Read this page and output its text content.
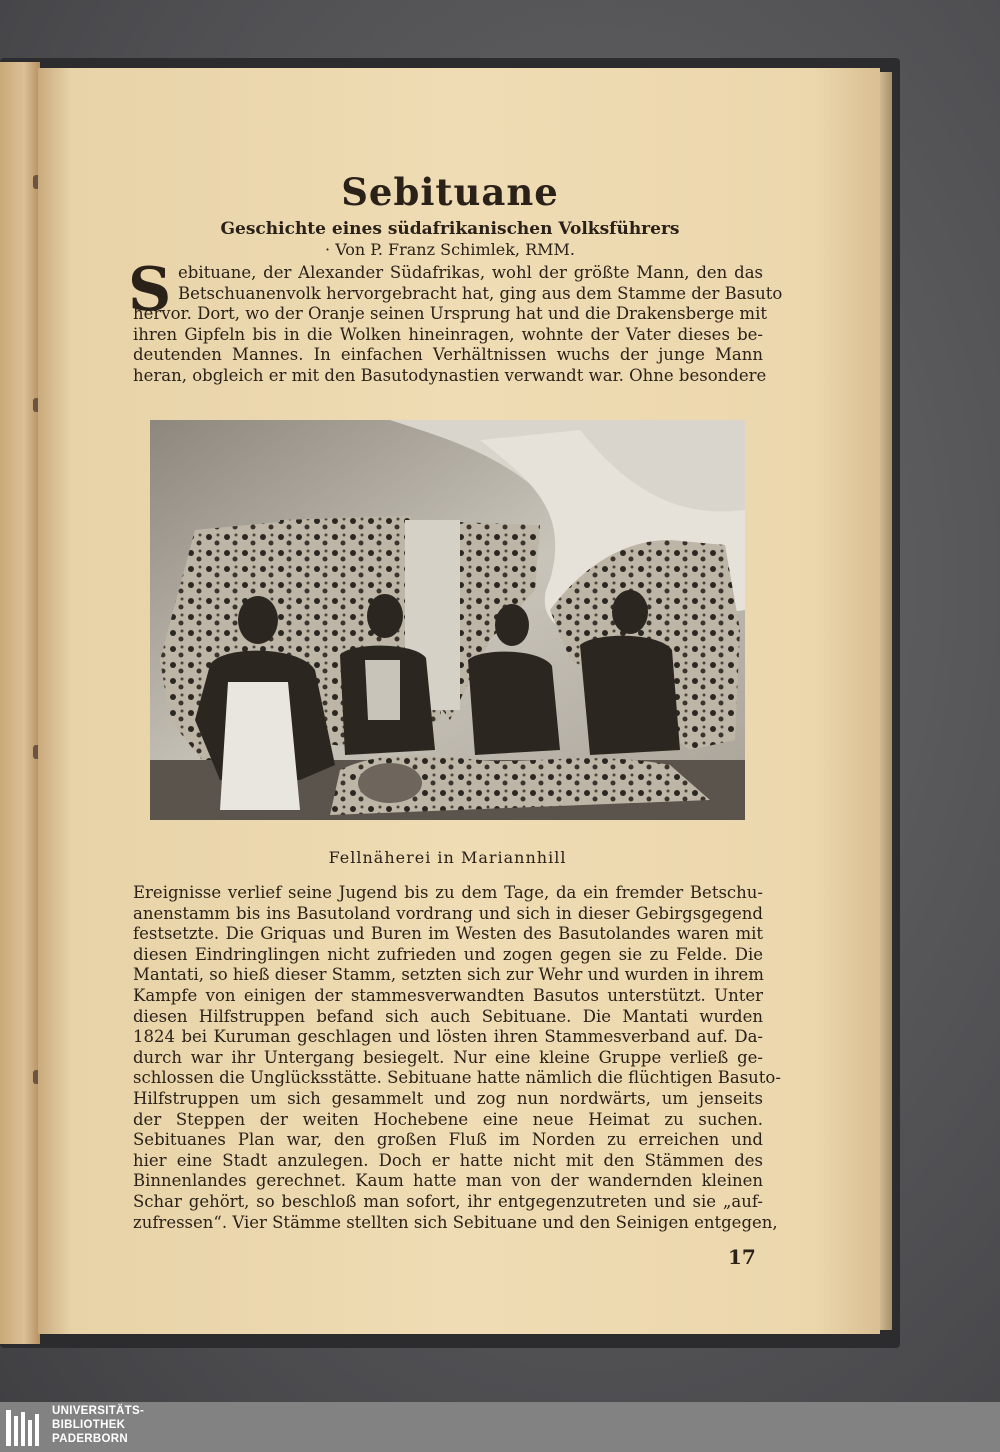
Sebituane
Geschichte eines südafrikanischen Volksführers
· Von P. Franz Schimlek, RMM.
S ebituane, der Alexander Südafrikas, wohl der größte Mann, den das
Betschuanenvolk hervorgebracht hat, ging aus dem Stamme der Basuto
hervor. Dort, wo der Oranje seinen Ursprung hat und die Drakensberge mit
ihren Gipfeln bis in die Wolken hineinragen, wohnte der Vater dieses be-
deutenden Mannes. In einfachen Verhältnissen wuchs der junge Mann
heran, obgleich er mit den Basutodynastien verwandt war. Ohne besondere
Fellnäherei in Mariannhill
Ereignisse verlief seine Jugend bis zu dem Tage, da ein fremder Betschu-
anenstamm bis ins Basutoland vordrang und sich in dieser Gebirgsgegend
festsetzte. Die Griquas und Buren im Westen des Basutolandes waren mit
diesen Eindringlingen nicht zufrieden und zogen gegen sie zu Felde. Die
Mantati, so hieß dieser Stamm, setzten sich zur Wehr und wurden in ihrem
Kampfe von einigen der stammesverwandten Basutos unterstützt. Unter
diesen Hilfstruppen befand sich auch Sebituane. Die Mantati wurden
1824 bei Kuruman geschlagen und lösten ihren Stammesverband auf. Da-
durch war ihr Untergang besiegelt. Nur eine kleine Gruppe verließ ge-
schlossen die Unglücksstätte. Sebituane hatte nämlich die flüchtigen Basuto-
Hilfstruppen um sich gesammelt und zog nun nordwärts, um jenseits
der Steppen der weiten Hochebene eine neue Heimat zu suchen.
Sebituanes Plan war, den großen Fluß im Norden zu erreichen und
hier eine Stadt anzulegen. Doch er hatte nicht mit den Stämmen des
Binnenlandes gerechnet. Kaum hatte man von der wandernden kleinen
Schar gehört, so beschloß man sofort, ihr entgegenzutreten und sie „auf-
zufressen“. Vier Stämme stellten sich Sebituane und den Seinigen entgegen,
17
UNIVERSITÄTS-
BIBLIOTHEK
PADERBORN
